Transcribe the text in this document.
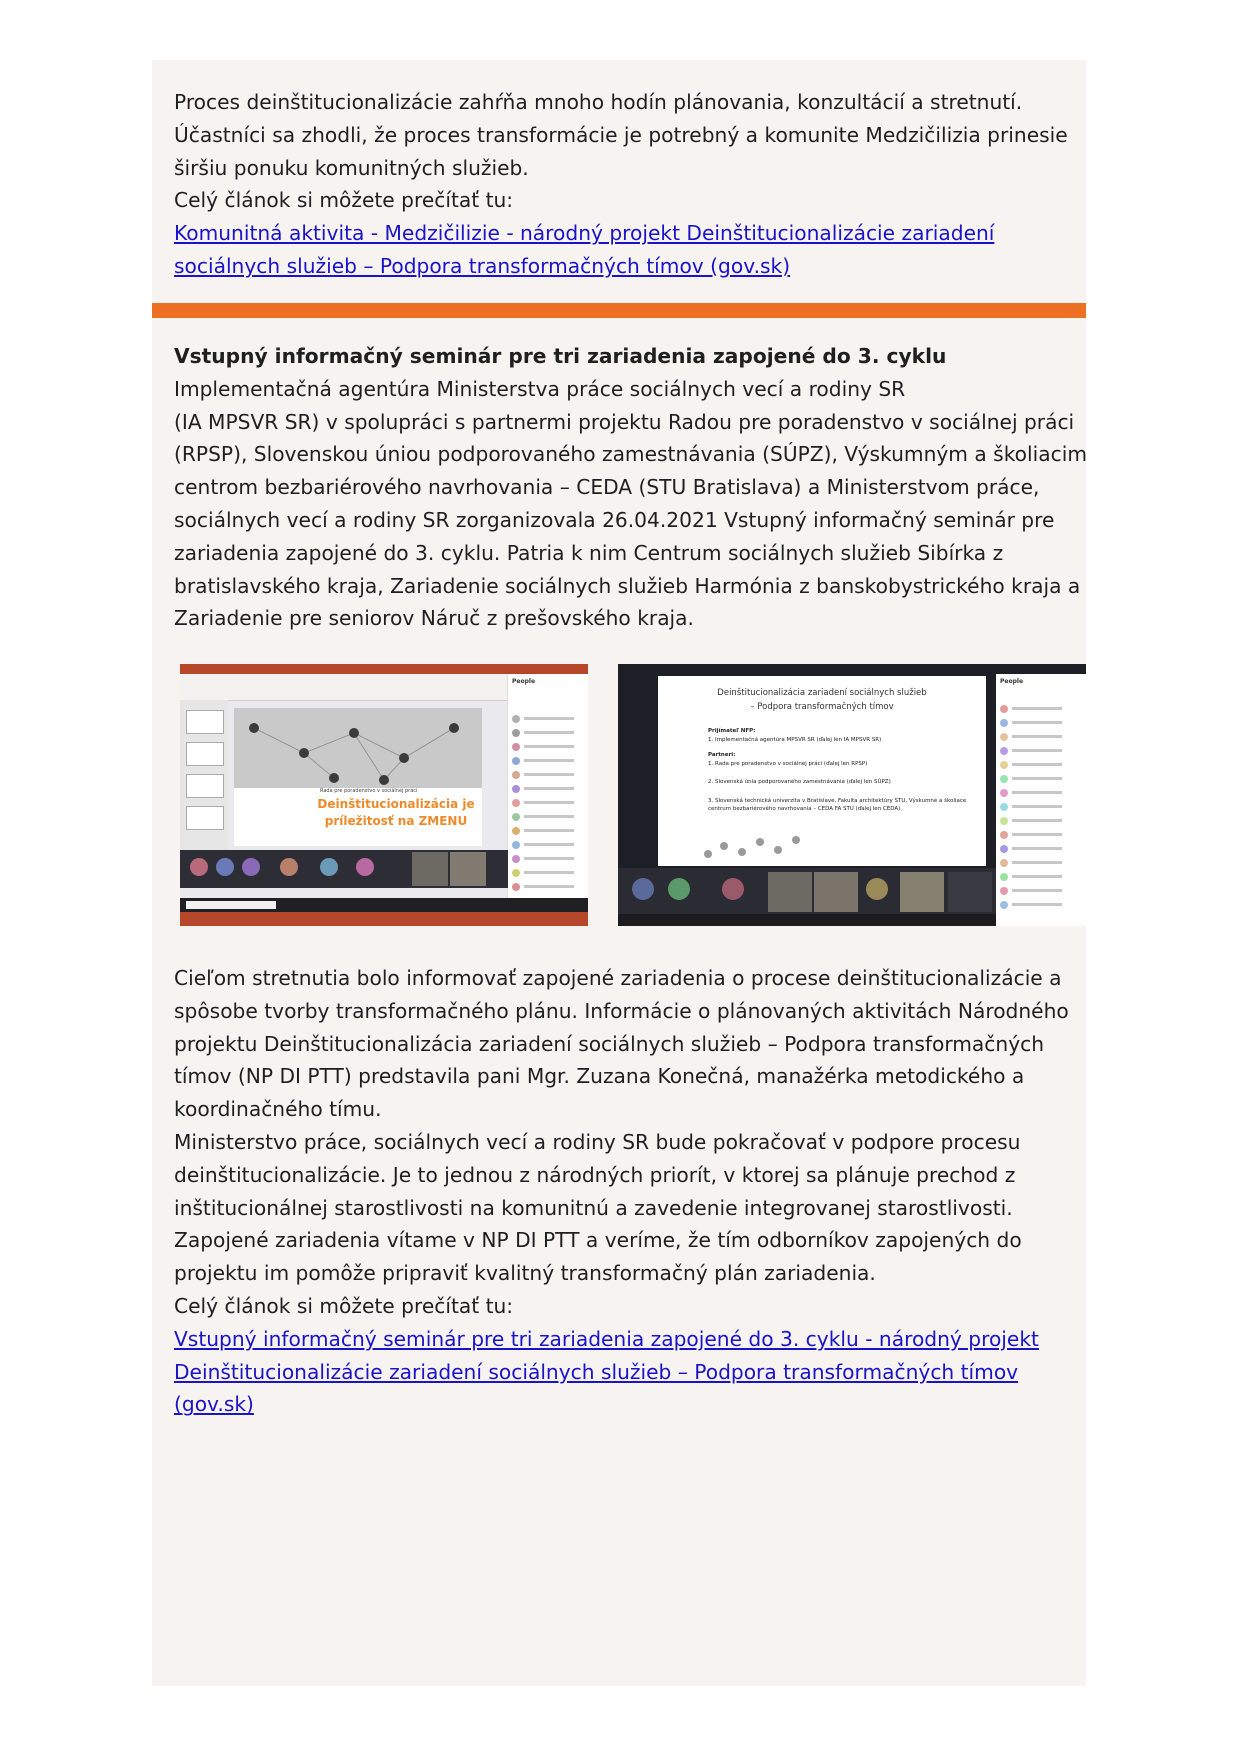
Proces deinštitucionalizácie zahŕňa mnoho hodín plánovania, konzultácií a stretnutí.
Účastníci sa zhodli, že proces transformácie je potrebný a komunite Medzičilizia prinesie
širšiu ponuku komunitných služieb.
Celý článok si môžete prečítať tu:
Komunitná aktivita - Medzičilizie - národný projekt Deinštitucionalizácie zariadení
sociálnych služieb – Podpora transformačných tímov (gov.sk)
Vstupný informačný seminár pre tri zariadenia zapojené do 3. cyklu
Implementačná agentúra Ministerstva práce sociálnych vecí a rodiny SR
(IA MPSVR SR) v spolupráci s partnermi projektu Radou pre poradenstvo v sociálnej práci
(RPSP), Slovenskou úniou podporovaného zamestnávania (SÚPZ), Výskumným a školiacim
centrom bezbariérového navrhovania – CEDA (STU Bratislava) a Ministerstvom práce,
sociálnych vecí a rodiny SR zorganizovala 26.04.2021 Vstupný informačný seminár pre
zariadenia zapojené do 3. cyklu. Patria k nim Centrum sociálnych služieb Sibírka z
bratislavského kraja, Zariadenie sociálnych služieb Harmónia z banskobystrického kraja a
Zariadenie pre seniorov Náruč z prešovského kraja.
Rada pre poradenstvo v sociálnej práci
Deinštitucionalizácia je
príležitosť na ZMENU
People
Deinštitucionalizácia zariadení sociálnych služieb
– Podpora transformačných tímov
Prijímateľ NFP:
1. Implementačná agentúra MPSVR SR (ďalej len IA MPSVR SR)
Partneri:
1. Rada pre poradenstvo v sociálnej práci (ďalej len RPSP)
2. Slovenská únia podporovaného zamestnávania (ďalej len SÚPZ)
3. Slovenská technická univerzita v Bratislave, Fakulta architektúry STU, Výskumné a školiace centrum bezbariérového navrhovania – CEDA FA STU (ďalej len CEDA)
People
Cieľom stretnutia bolo informovať zapojené zariadenia o procese deinštitucionalizácie a
spôsobe tvorby transformačného plánu. Informácie o plánovaných aktivitách Národného
projektu Deinštitucionalizácia zariadení sociálnych služieb – Podpora transformačných
tímov (NP DI PTT) predstavila pani Mgr. Zuzana Konečná, manažérka metodického a
koordinačného tímu.
Ministerstvo práce, sociálnych vecí a rodiny SR bude pokračovať v podpore procesu
deinštitucionalizácie. Je to jednou z národných priorít, v ktorej sa plánuje prechod z
inštitucionálnej starostlivosti na komunitnú a zavedenie integrovanej starostlivosti.
Zapojené zariadenia vítame v NP DI PTT a veríme, že tím odborníkov zapojených do
projektu im pomôže pripraviť kvalitný transformačný plán zariadenia.
Celý článok si môžete prečítať tu:
Vstupný informačný seminár pre tri zariadenia zapojené do 3. cyklu - národný projekt
Deinštitucionalizácie zariadení sociálnych služieb – Podpora transformačných tímov
(gov.sk)
